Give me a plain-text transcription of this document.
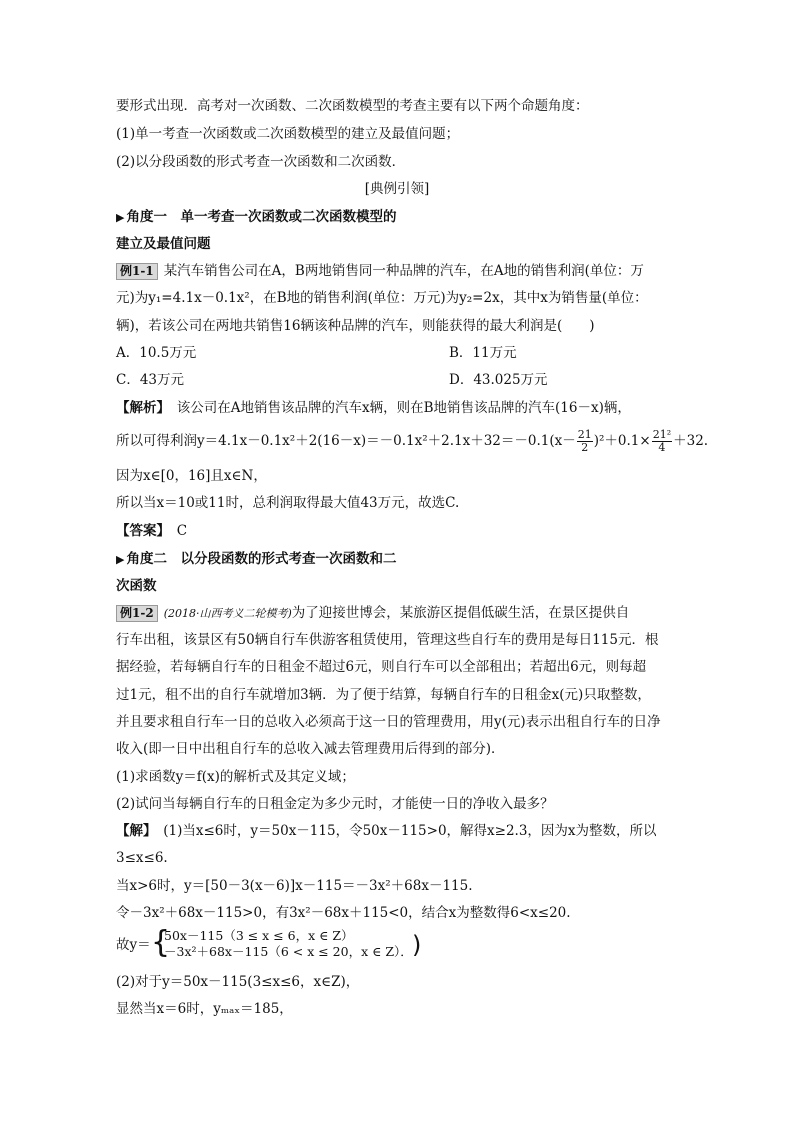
要形式出现．高考对一次函数、二次函数模型的考查主要有以下两个命题角度：
(1)单一考查一次函数或二次函数模型的建立及最值问题；
(2)以分段函数的形式考查一次函数和二次函数．
[典例引领]
▶ 角度一　单一考查一次函数或二次函数模型的
建立及最值问题
例1-1 某汽车销售公司在A，B两地销售同一种品牌的汽车，在A地的销售利润(单位：万
元)为y₁=4.1x－0.1x²，在B地的销售利润(单位：万元)为y₂=2x，其中x为销售量(单位：
辆)，若该公司在两地共销售16辆该种品牌的汽车，则能获得的最大利润是(　　)
A．10.5万元	B．11万元
C．43万元	D．43.025万元
【解析】　该公司在A地销售该品牌的汽车x辆，则在B地销售该品牌的汽车(16－x)辆，
所以可得利润$y=4.1x-0.1x^2+2(16-x)=-0.1x^2+2.1x+32=-0.1(x- \frac{21}{2} )^2+0.1\times \frac{\text{21²}}{4} +32$.
因为x∈[0，16]且x∈N，
所以当x＝10或11时，总利润取得最大值43万元，故选C.
【答案】　C
▶ 角度二　以分段函数的形式考查一次函数和二
次函数
例1-2 (2018·山西考义二轮模考)为了迎接世博会，某旅游区提倡低碳生活，在景区提供自
行车出租，该景区有50辆自行车供游客租赁使用，管理这些自行车的费用是每日115元．根
据经验，若每辆自行车的日租金不超过6元，则自行车可以全部租出；若超出6元，则每超
过1元，租不出的自行车就增加3辆．为了便于结算，每辆自行车的日租金x(元)只取整数，
并且要求租自行车一日的总收入必须高于这一日的管理费用，用y(元)表示出租自行车的日净
收入(即一日中出租自行车的总收入减去管理费用后得到的部分)．
(1)求函数y＝f(x)的解析式及其定义域；
(2)试问当每辆自行车的日租金定为多少元时，才能使一日的净收入最多？
【解】　(1)当x≤6时，y＝50x－115，令50x－115>0，解得x≥2.3，因为x为整数，所以
3≤x≤6.
当x>6时，y＝[50－3(x－6)]x－115＝－3x²＋68x－115.
令－3x²＋68x－115>0，有3x²－68x＋115<0，结合x为整数得6<x≤20.
故y＝ {
50x－115（3 ≤ x ≤ 6，x ∈ Z）
－3x²＋68x－115（6 < x ≤ 20，x ∈ Z）． )
(2)对于y＝50x－115(3≤x≤6，x∈Z)，
显然当x＝6时，yₘₐₓ＝185，
